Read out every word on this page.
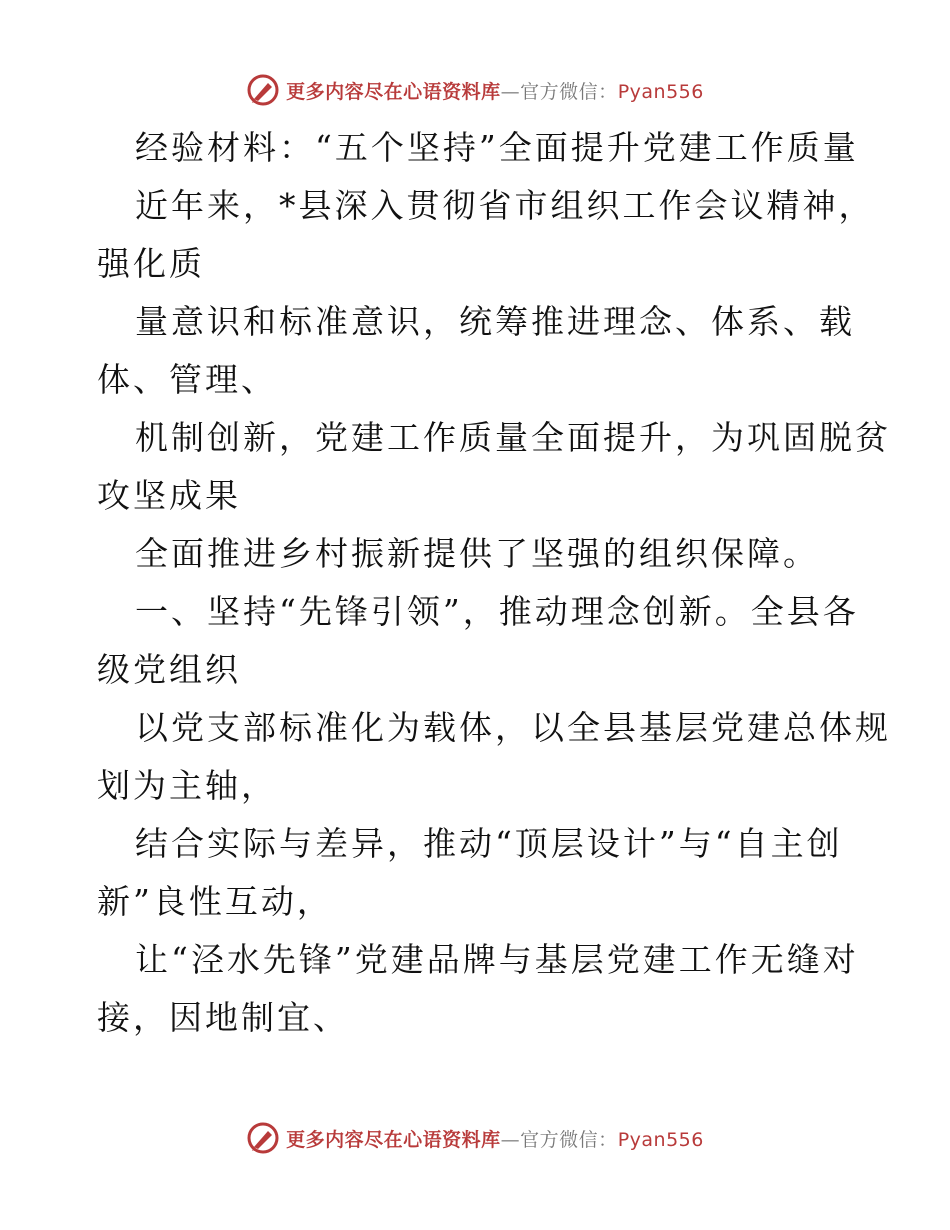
更多内容尽在心语资料库—官方微信：Pyan556
经验材料：“五个坚持”全面提升党建工作质量
近年来，*县深入贯彻省市组织工作会议精神，
强化质
量意识和标准意识，统筹推进理念、体系、载
体、管理、
机制创新，党建工作质量全面提升，为巩固脱贫
攻坚成果
全面推进乡村振新提供了坚强的组织保障。
一、坚持“先锋引领”，推动理念创新。全县各
级党组织
以党支部标准化为载体，以全县基层党建总体规
划为主轴，
结合实际与差异，推动“顶层设计”与“自主创
新”良性互动，
让“泾水先锋”党建品牌与基层党建工作无缝对
接，因地制宜、
更多内容尽在心语资料库—官方微信：Pyan556
